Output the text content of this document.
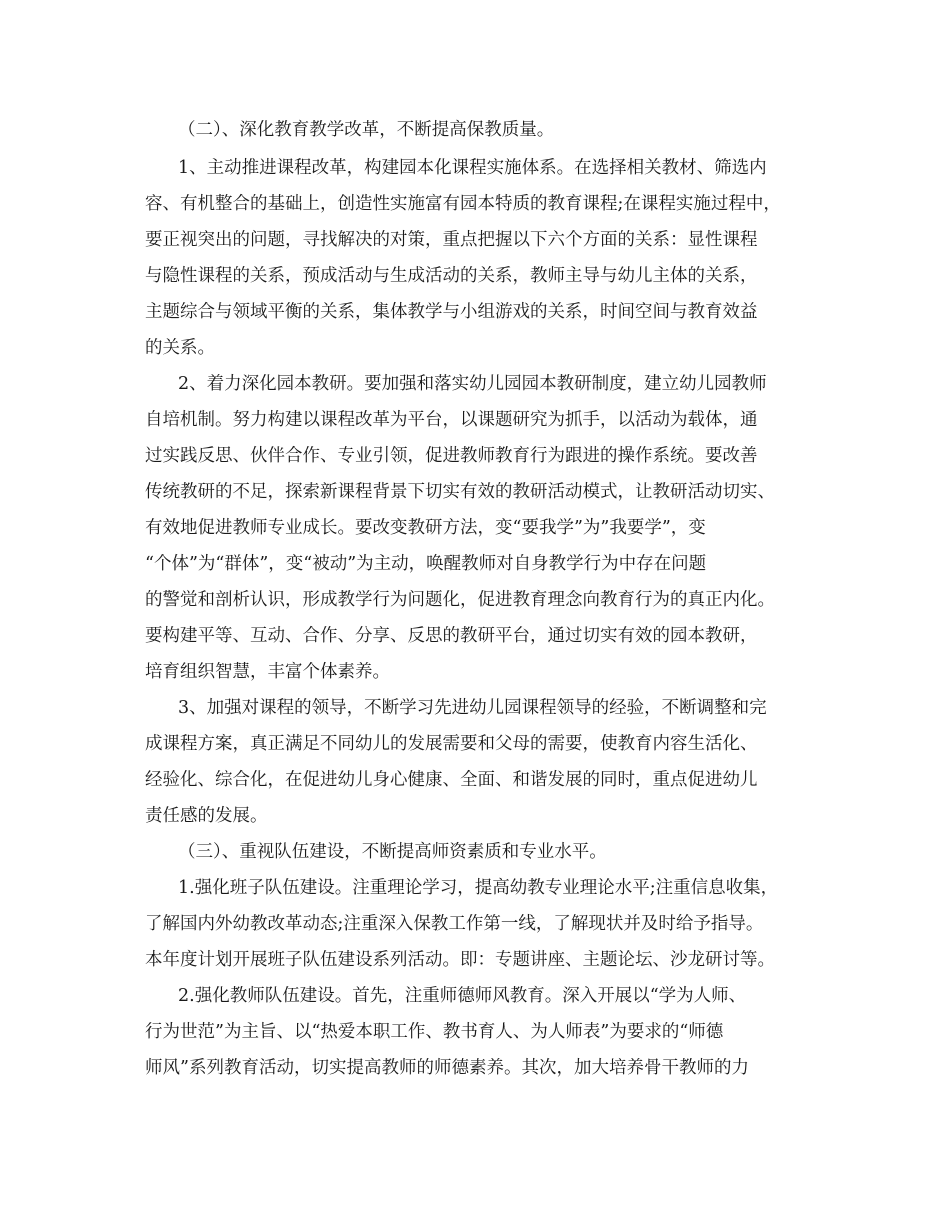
（二）、深化教育教学改革，不断提高保教质量。
1、主动推进课程改革，构建园本化课程实施体系。在选择相关教材、筛选内
容、有机整合的基础上，创造性实施富有园本特质的教育课程;在课程实施过程中，
要正视突出的问题，寻找解决的对策，重点把握以下六个方面的关系：显性课程
与隐性课程的关系，预成活动与生成活动的关系，教师主导与幼儿主体的关系，
主题综合与领域平衡的关系，集体教学与小组游戏的关系，时间空间与教育效益
的关系。
2、着力深化园本教研。要加强和落实幼儿园园本教研制度，建立幼儿园教师
自培机制。努力构建以课程改革为平台，以课题研究为抓手，以活动为载体，通
过实践反思、伙伴合作、专业引领，促进教师教育行为跟进的操作系统。要改善
传统教研的不足，探索新课程背景下切实有效的教研活动模式，让教研活动切实、
有效地促进教师专业成长。要改变教研方法，变“要我学”为”我要学”，变
“个体”为“群体”，变“被动”为主动，唤醒教师对自身教学行为中存在问题
的警觉和剖析认识，形成教学行为问题化，促进教育理念向教育行为的真正内化。
要构建平等、互动、合作、分享、反思的教研平台，通过切实有效的园本教研，
培育组织智慧，丰富个体素养。
3、加强对课程的领导，不断学习先进幼儿园课程领导的经验，不断调整和完
成课程方案，真正满足不同幼儿的发展需要和父母的需要，使教育内容生活化、
经验化、综合化，在促进幼儿身心健康、全面、和谐发展的同时，重点促进幼儿
责任感的发展。
（三）、重视队伍建设，不断提高师资素质和专业水平。
1.强化班子队伍建设。注重理论学习，提高幼教专业理论水平;注重信息收集，
了解国内外幼教改革动态;注重深入保教工作第一线，了解现状并及时给予指导。
本年度计划开展班子队伍建设系列活动。即：专题讲座、主题论坛、沙龙研讨等。
2.强化教师队伍建设。首先，注重师德师风教育。深入开展以“学为人师、
行为世范”为主旨、以“热爱本职工作、教书育人、为人师表”为要求的“师德
师风”系列教育活动，切实提高教师的师德素养。其次，加大培养骨干教师的力
